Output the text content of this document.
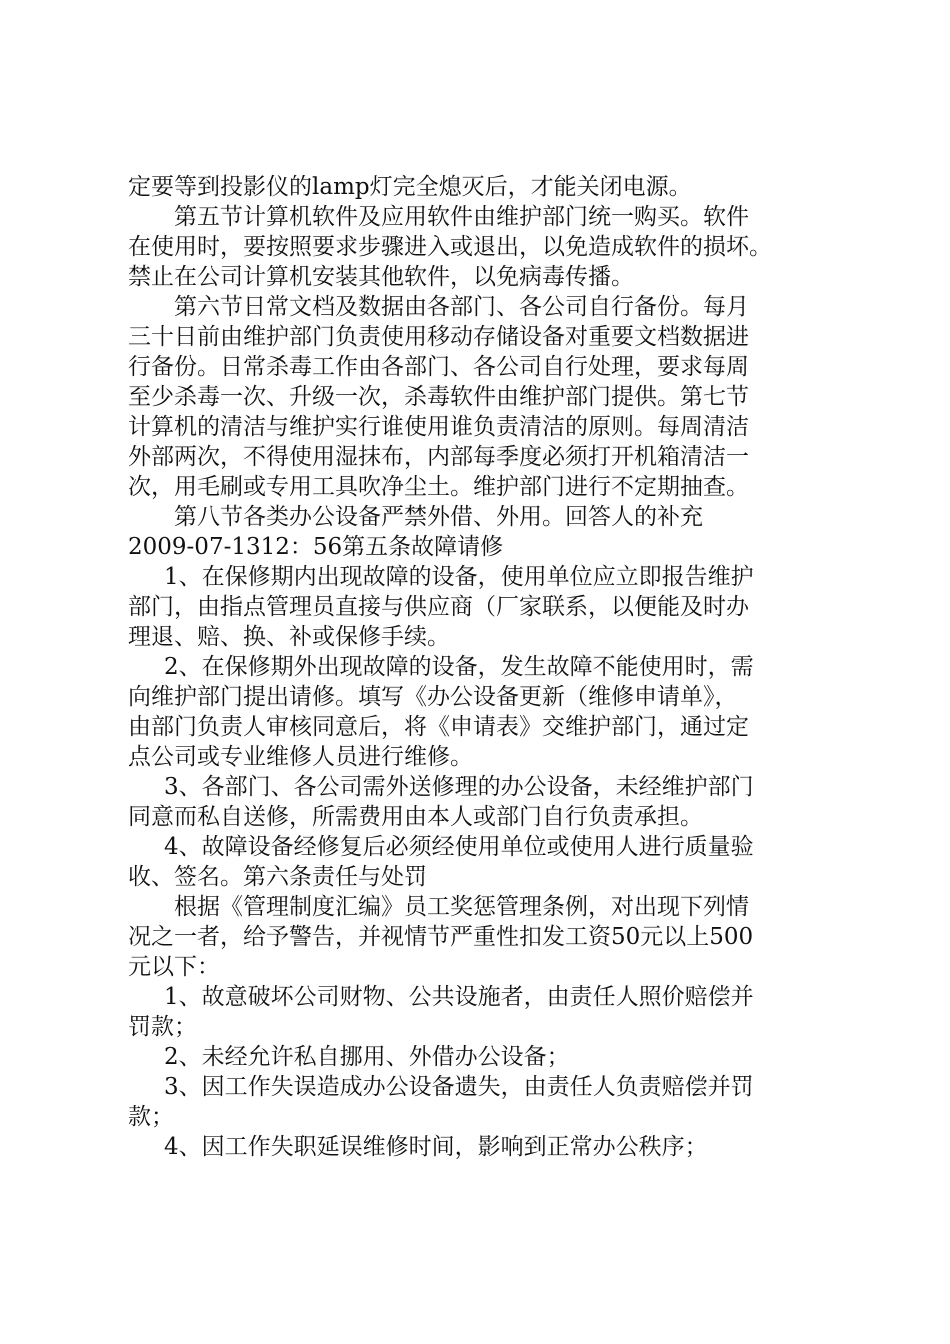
定要等到投影仪的lamp灯完全熄灭后，才能关闭电源。

第五节计算机软件及应用软件由维护部门统一购买。软件
在使用时，要按照要求步骤进入或退出，以免造成软件的损坏。
禁止在公司计算机安装其他软件，以免病毒传播。

第六节日常文档及数据由各部门、各公司自行备份。每月
三十日前由维护部门负责使用移动存储设备对重要文档数据进
行备份。日常杀毒工作由各部门、各公司自行处理，要求每周
至少杀毒一次、升级一次，杀毒软件由维护部门提供。第七节
计算机的清洁与维护实行谁使用谁负责清洁的原则。每周清洁
外部两次，不得使用湿抹布，内部每季度必须打开机箱清洁一
次，用毛刷或专用工具吹净尘土。维护部门进行不定期抽查。

第八节各类办公设备严禁外借、外用。回答人的补充
2009-07-1312：56第五条故障请修

1、在保修期内出现故障的设备，使用单位应立即报告维护
部门，由指点管理员直接与供应商（厂家联系，以便能及时办
理退、赔、换、补或保修手续。

2、在保修期外出现故障的设备，发生故障不能使用时，需
向维护部门提出请修。填写《办公设备更新（维修申请单》，
由部门负责人审核同意后，将《申请表》交维护部门，通过定
点公司或专业维修人员进行维修。

3、各部门、各公司需外送修理的办公设备，未经维护部门
同意而私自送修，所需费用由本人或部门自行负责承担。

4、故障设备经修复后必须经使用单位或使用人进行质量验
收、签名。第六条责任与处罚

根据《管理制度汇编》员工奖惩管理条例，对出现下列情
况之一者，给予警告，并视情节严重性扣发工资50元以上500
元以下：

1、故意破坏公司财物、公共设施者，由责任人照价赔偿并
罚款；

2、未经允许私自挪用、外借办公设备；

3、因工作失误造成办公设备遗失，由责任人负责赔偿并罚
款；

4、因工作失职延误维修时间，影响到正常办公秩序；
